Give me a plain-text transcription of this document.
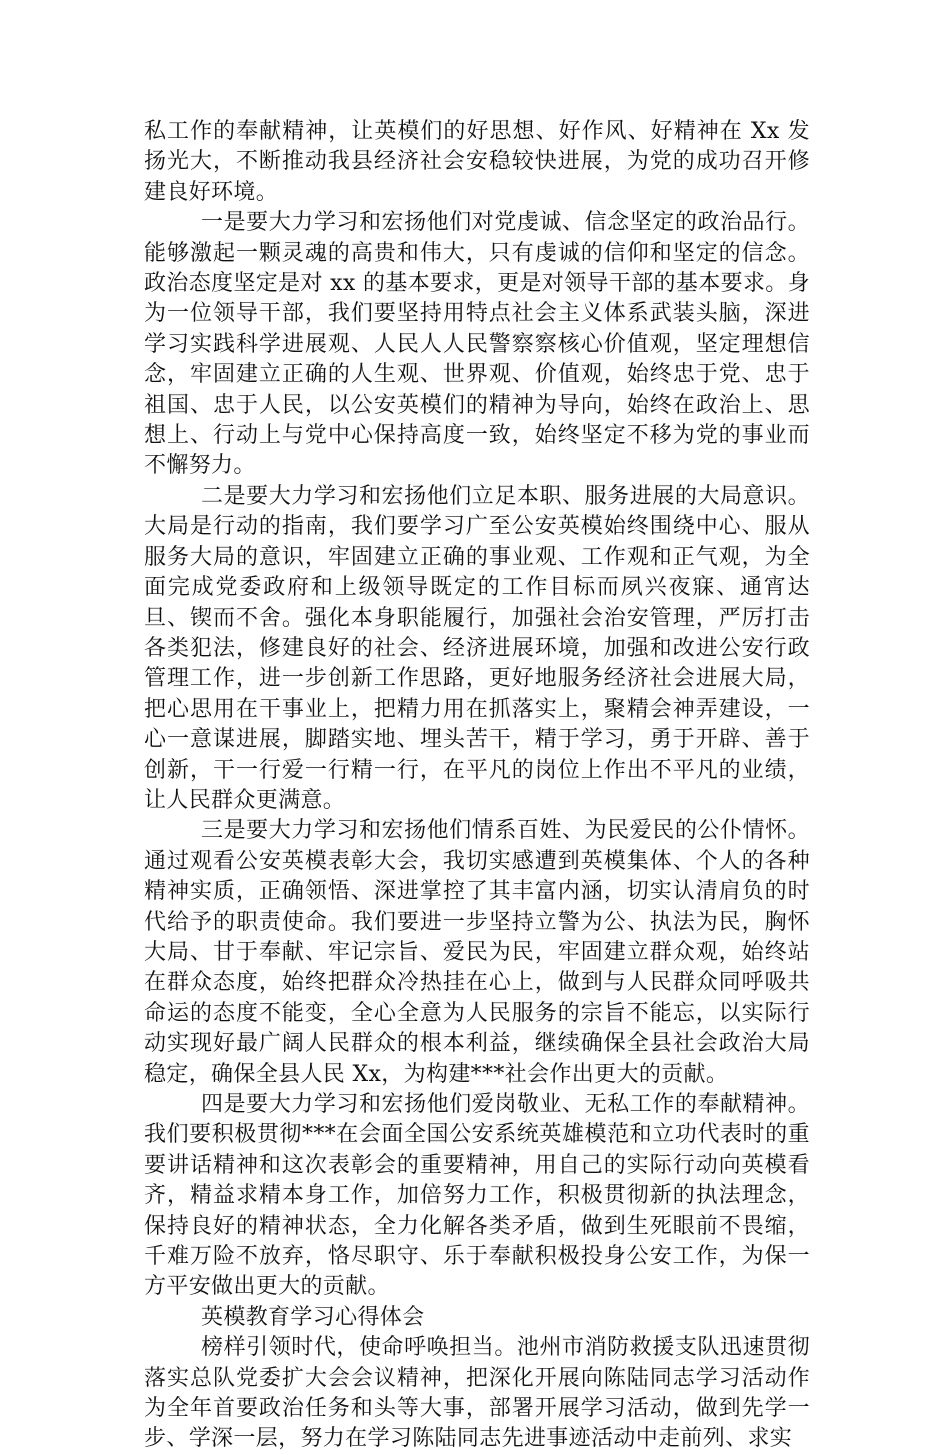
私工作的奉献精神，让英模们的好思想、好作风、好精神在 Xx 发扬光大，不断推动我县经济社会安稳较快进展，为党的成功召开修建良好环境。

一是要大力学习和宏扬他们对党虔诚、信念坚定的政治品行。能够激起一颗灵魂的高贵和伟大，只有虔诚的信仰和坚定的信念。政治态度坚定是对 xx 的基本要求，更是对领导干部的基本要求。身为一位领导干部，我们要坚持用特点社会主义体系武装头脑，深进学习实践科学进展观、人民人人民警察察核心价值观，坚定理想信念，牢固建立正确的人生观、世界观、价值观，始终忠于党、忠于祖国、忠于人民，以公安英模们的精神为导向，始终在政治上、思想上、行动上与党中心保持高度一致，始终坚定不移为党的事业而不懈努力。

二是要大力学习和宏扬他们立足本职、服务进展的大局意识。大局是行动的指南，我们要学习广至公安英模始终围绕中心、服从服务大局的意识，牢固建立正确的事业观、工作观和正气观，为全面完成党委政府和上级领导既定的工作目标而夙兴夜寐、通宵达旦、锲而不舍。强化本身职能履行，加强社会治安管理，严厉打击各类犯法，修建良好的社会、经济进展环境，加强和改进公安行政管理工作，进一步创新工作思路，更好地服务经济社会进展大局，把心思用在干事业上，把精力用在抓落实上，聚精会神弄建设，一心一意谋进展，脚踏实地、埋头苦干，精于学习，勇于开辟、善于创新，干一行爱一行精一行，在平凡的岗位上作出不平凡的业绩，让人民群众更满意。

三是要大力学习和宏扬他们情系百姓、为民爱民的公仆情怀。通过观看公安英模表彰大会，我切实感遭到英模集体、个人的各种精神实质，正确领悟、深进掌控了其丰富内涵，切实认清肩负的时代给予的职责使命。我们要进一步坚持立警为公、执法为民，胸怀大局、甘于奉献、牢记宗旨、爱民为民，牢固建立群众观，始终站在群众态度，始终把群众冷热挂在心上，做到与人民群众同呼吸共命运的态度不能变，全心全意为人民服务的宗旨不能忘，以实际行动实现好最广阔人民群众的根本利益，继续确保全县社会政治大局稳定，确保全县人民 Xx，为构建***社会作出更大的贡献。

四是要大力学习和宏扬他们爱岗敬业、无私工作的奉献精神。我们要积极贯彻***在会面全国公安系统英雄模范和立功代表时的重要讲话精神和这次表彰会的重要精神，用自己的实际行动向英模看齐，精益求精本身工作，加倍努力工作，积极贯彻新的执法理念，保持良好的精神状态，全力化解各类矛盾，做到生死眼前不畏缩，千难万险不放弃，恪尽职守、乐于奉献积极投身公安工作，为保一方平安做出更大的贡献。

英模教育学习心得体会

榜样引领时代，使命呼唤担当。池州市消防救援支队迅速贯彻落实总队党委扩大会会议精神，把深化开展向陈陆同志学习活动作为全年首要政治任务和头等大事，部署开展学习活动，做到先学一步、学深一层，努力在学习陈陆同志先进事迹活动中走前列、求实
